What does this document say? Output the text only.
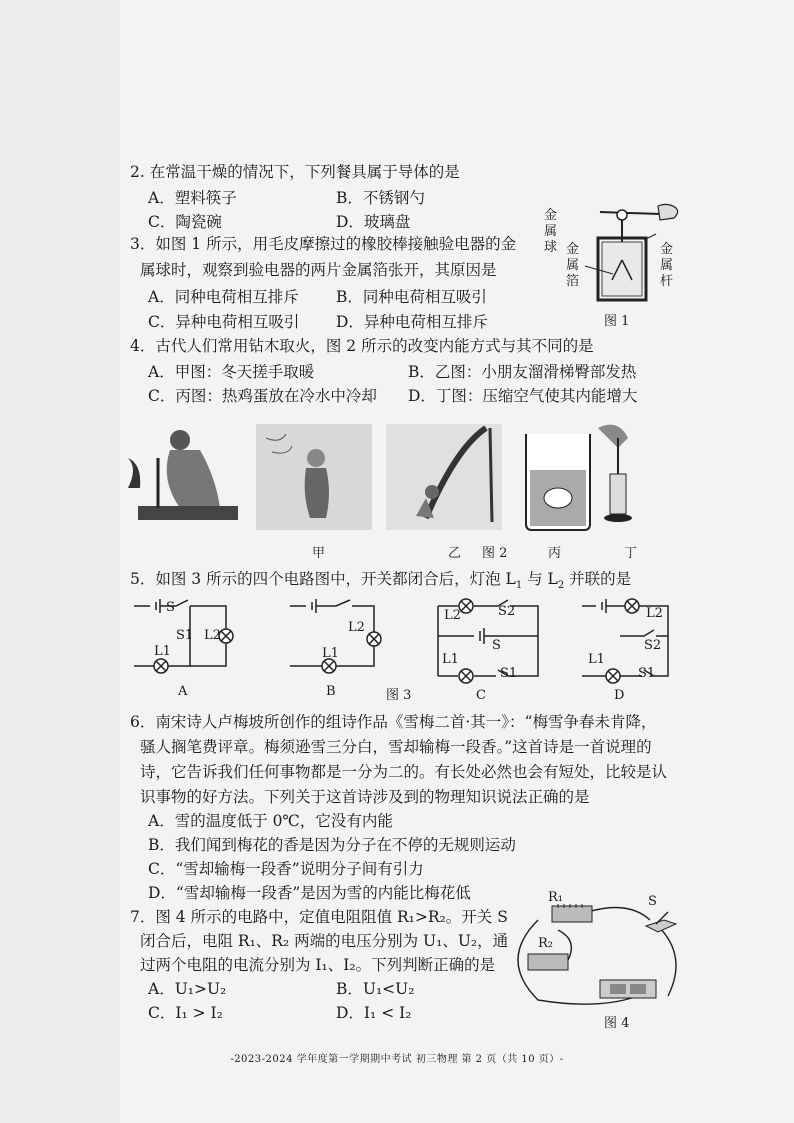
2. 在常温干燥的情况下，下列餐具属于导体的是
A．塑料筷子	B．不锈钢勺
C．陶瓷碗	D．玻璃盘
3．如图 1 所示，用毛皮摩擦过的橡胶棒接触验电器的金
属球时，观察到验电器的两片金属箔张开，其原因是
A．同种电荷相互排斥 B．同种电荷相互吸引
C．异种电荷相互吸引 D．异种电荷相互排斥
金属球 金属箔
金属杆
图 1
4．古代人们常用钻木取火，图 2 所示的改变内能方式与其不同的是
A．甲图：冬天搓手取暖	B．乙图：小朋友溜滑梯臀部发热
C．丙图：热鸡蛋放在冷水中冷却 D．丁图：压缩空气使其内能增大
甲	乙 图 2	丙	丁
5．如图 3 所示的四个电路图中，开关都闭合后，灯泡 $L_1$ 与 $L_2$ 并联的是
S
S1 L2
L1
A
L2
L1
B	图 3
L2	S2
S
L1
S1
C
L2
S2
L1
S1
D
6．南宋诗人卢梅坡所创作的组诗作品《雪梅二首·其一》：“梅雪争春未肯降，
骚人搁笔费评章。梅须逊雪三分白，雪却输梅一段香。”这首诗是一首说理的
诗，它告诉我们任何事物都是一分为二的。有长处必然也会有短处，比较是认
识事物的好方法。下列关于这首诗涉及到的物理知识说法正确的是
A．雪的温度低于 0℃，它没有内能
B．我们闻到梅花的香是因为分子在不停的无规则运动
C．“雪却输梅一段香”说明分子间有引力
D．“雪却输梅一段香”是因为雪的内能比梅花低
7．图 4 所示的电路中，定值电阻阻值 R₁>R₂。开关 S
闭合后，电阻 R₁、R₂ 两端的电压分别为 U₁、U₂，通
过两个电阻的电流分别为 I₁、I₂。下列判断正确的是
A．U₁>U₂	B．U₁<U₂
C．I₁ > I₂	D．I₁ < I₂
R₁
R₂
S
图 4
-2023-2024 学年度第一学期期中考试 初三物理 第 2 页（共 10 页）-
